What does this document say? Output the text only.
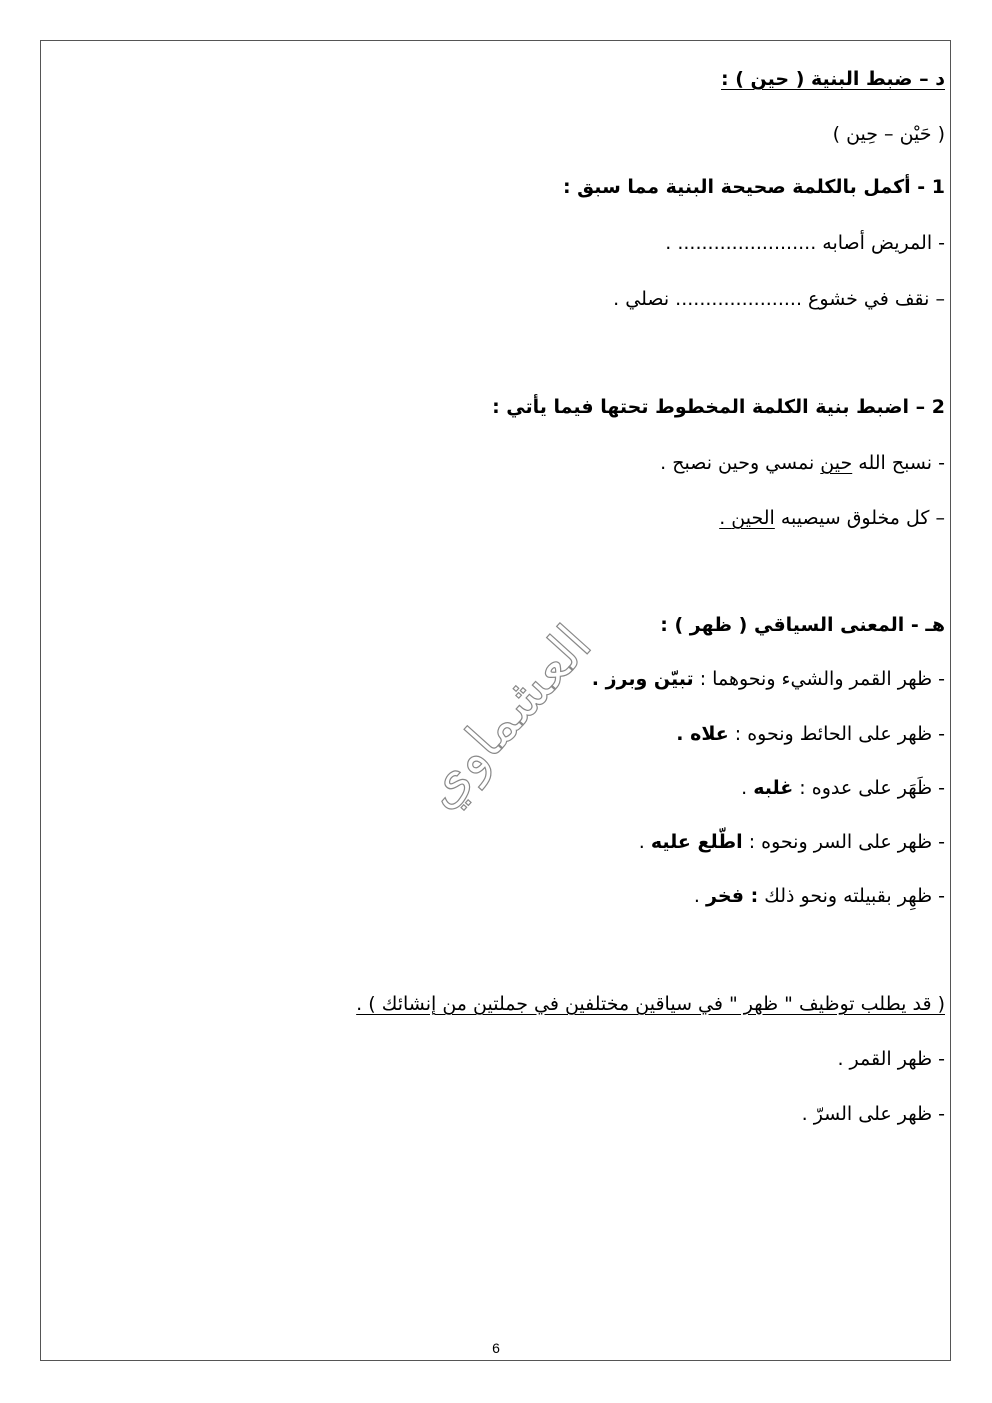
د – ضبط البنية ( حين ) :
( حَيْن – حِين )
1 - أكمل بالكلمة صحيحة البنية مما سبق :
- المريض أصابه ....................... .
– نقف في خشوع ..................... نصلي .
2 – اضبط بنية الكلمة المخطوط تحتها فيما يأتي :
- نسبح الله حين نمسي وحين نصبح .
– كل مخلوق سيصيبه الحين .
هـ - المعنى السياقي ( ظهر ) :
- ظهر القمر والشيء ونحوهما : تبيّن وبرز .
- ظهر على الحائط ونحوه : علاه .
- ظَهَر على عدوه : غلبه .
- ظهر على السر ونحوه : اطّلع عليه .
- ظهِر بقبيلته ونحو ذلك : فخر .
( قد يطلب توظيف " ظهر " في سياقين مختلفين في جملتين من إنشائك ) .
- ظهر القمر .
- ظهر على السرّ .
العشماوي
6
